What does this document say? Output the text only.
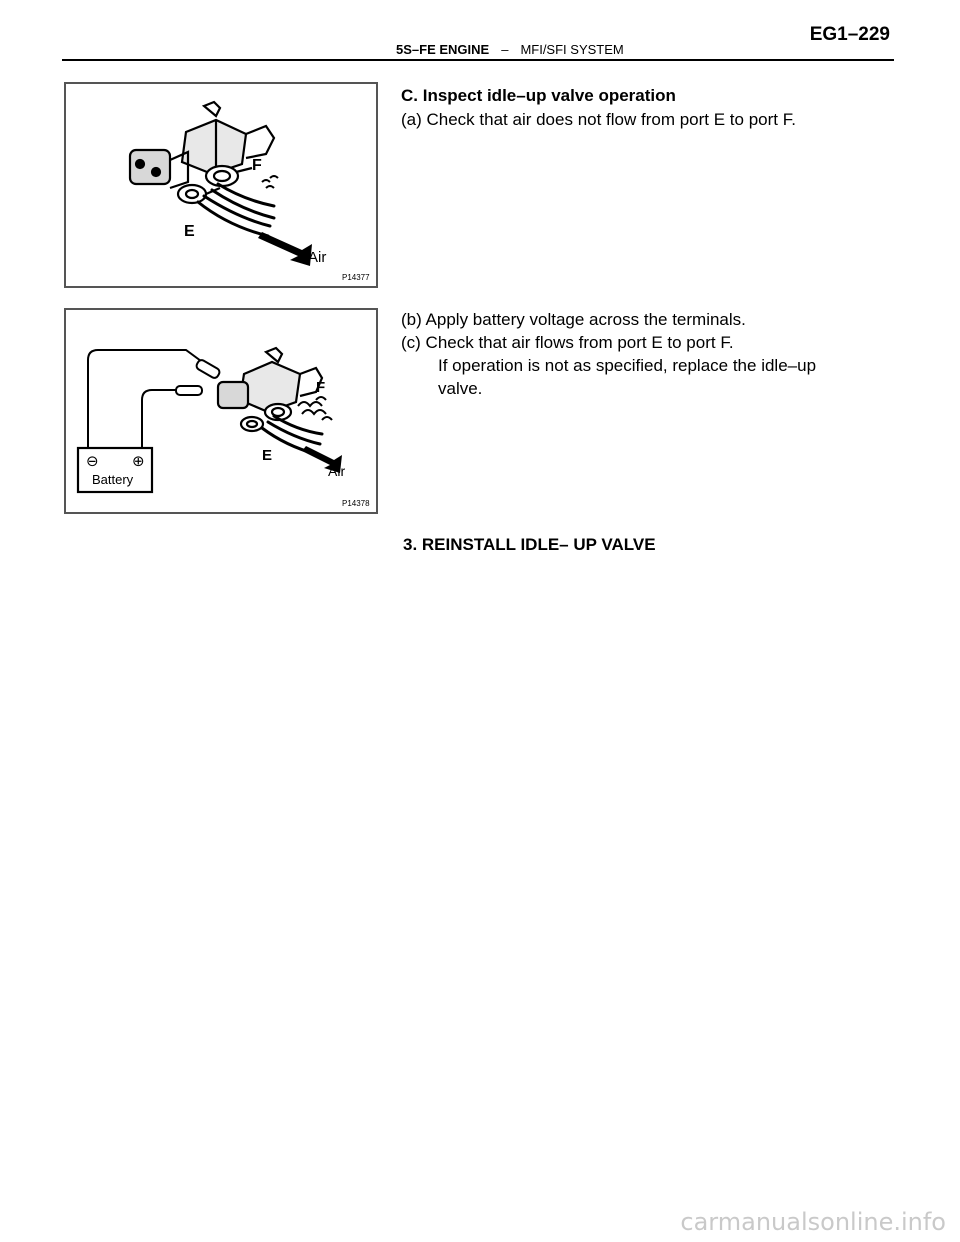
5S–FE ENGINE – MFI/SFI SYSTEM
EG1–229
F
E
Air
P14377
⊖ ⊕
Battery
F
E
Air
P14378
C. Inspect idle–up valve operation
(a) Check that air does not flow from port E to port F.
(b) Apply battery voltage across the terminals.
(c) Check that air flows from port E to port F.
If operation is not as specified, replace the idle–up
valve.
3. REINSTALL IDLE– UP VALVE
carmanualsonline.info
